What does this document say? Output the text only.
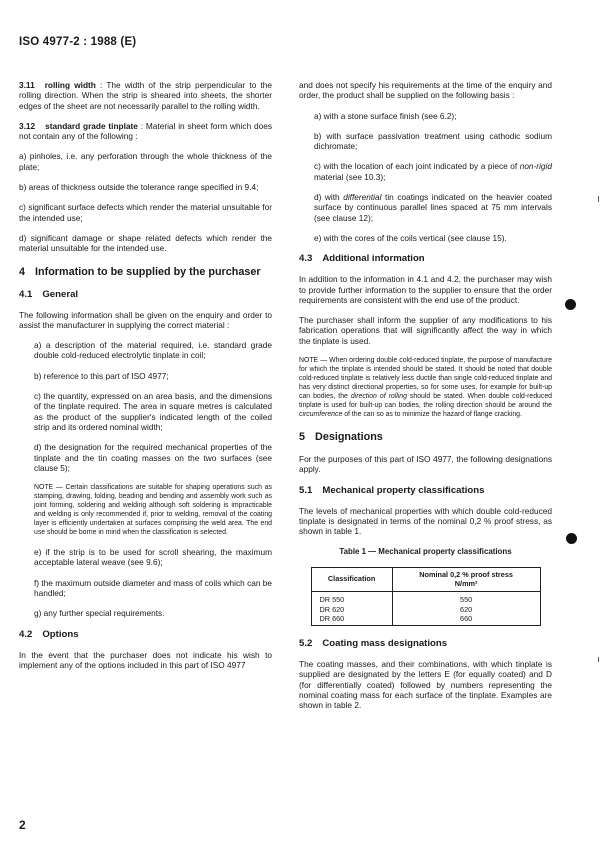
ISO 4977-2 : 1988 (E)

3.11 rolling width : The width of the strip perpendicular to the rolling direction. When the strip is sheared into sheets, the shorter edges of the sheet are not necessarily parallel to the rolling width.

3.12 standard grade tinplate : Material in sheet form which does not contain any of the following :

a) pinholes, i.e. any perforation through the whole thickness of the plate;

b) areas of thickness outside the tolerance range specified in 9.4;

c) significant surface defects which render the material unsuitable for the intended use;

d) significant damage or shape related defects which render the material unsuitable for the intended use.

4 Information to be supplied by the purchaser
4.1 General

The following information shall be given on the enquiry and order to assist the manufacturer in supplying the correct material :

a) a description of the material required, i.e. standard grade double cold-reduced electrolytic tinplate in coil;

b) reference to this part of ISO 4977;

c) the quantity, expressed on an area basis, and the dimensions of the tinplate required. The area in square metres is calculated as the product of the supplier's indicated length of the coiled strip and its ordered nominal width;

d) the designation for the required mechanical properties of the tinplate and the tin coating masses on the two surfaces (see clause 5);

NOTE — Certain classifications are suitable for shaping operations such as stamping, drawing, folding, beading and bending and assembly work such as joint forming, soldering and welding although soft soldering is impracticable and welding is only recommended if, prior to welding, removal of the coating layer is efficiently undertaken at surfaces comprising the weld area. The end use should be borne in mind when the classification is selected.

e) if the strip is to be used for scroll shearing, the maximum acceptable lateral weave (see 9.6);

f) the maximum outside diameter and mass of coils which can be handled;

g) any further special requirements.

4.2 Options

In the event that the purchaser does not indicate his wish to implement any of the options included in this part of ISO 4977

and does not specify his requirements at the time of the enquiry and order, the product shall be supplied on the following basis :

a) with a stone surface finish (see 6.2);

b) with surface passivation treatment using cathodic sodium dichromate;

c) with the location of each joint indicated by a piece of non-rigid material (see 10.3);

d) with differential tin coatings indicated on the heavier coated surface by continuous parallel lines spaced at 75 mm intervals (see clause 12);

e) with the cores of the coils vertical (see clause 15).

4.3 Additional information

In addition to the information in 4.1 and 4.2, the purchaser may wish to provide further information to the supplier to ensure that the order requirements are consistent with the end use of the product.

The purchaser shall inform the supplier of any modifications to his fabrication operations that will significantly affect the way in which the tinplate is used.

NOTE — When ordering double cold-reduced tinplate, the purpose of manufacture for which the tinplate is intended should be stated. It should be noted that double cold-reduced tinplate is relatively less ductile than single cold-reduced tinplate and has very distinct directional properties, so for some uses, for example for built-up can bodies, the direction of rolling should be stated. When double cold-reduced tinplate is used for built-up can bodies, the rolling direction should be around the circumference of the can so as to minimize the hazard of flange cracking.

5 Designations

For the purposes of this part of ISO 4977, the following designations apply.

5.1 Mechanical property classifications

The levels of mechanical properties with which double cold-reduced tinplate is designated in terms of the nominal 0,2 % proof stress, as shown in table 1.

Table 1 — Mechanical property classifications
Classification	Nominal 0,2 % proof stress
N/mm²

DR 550	550
DR 620	620
DR 660	660
5.2 Coating mass designations

The coating masses, and their combinations, with which tinplate is supplied are designated by the letters E (for equally coated) and D (for differentially coated) followed by numbers representing the nominal coating mass for each surface of the tinplate. Examples are shown in table 2.

2
